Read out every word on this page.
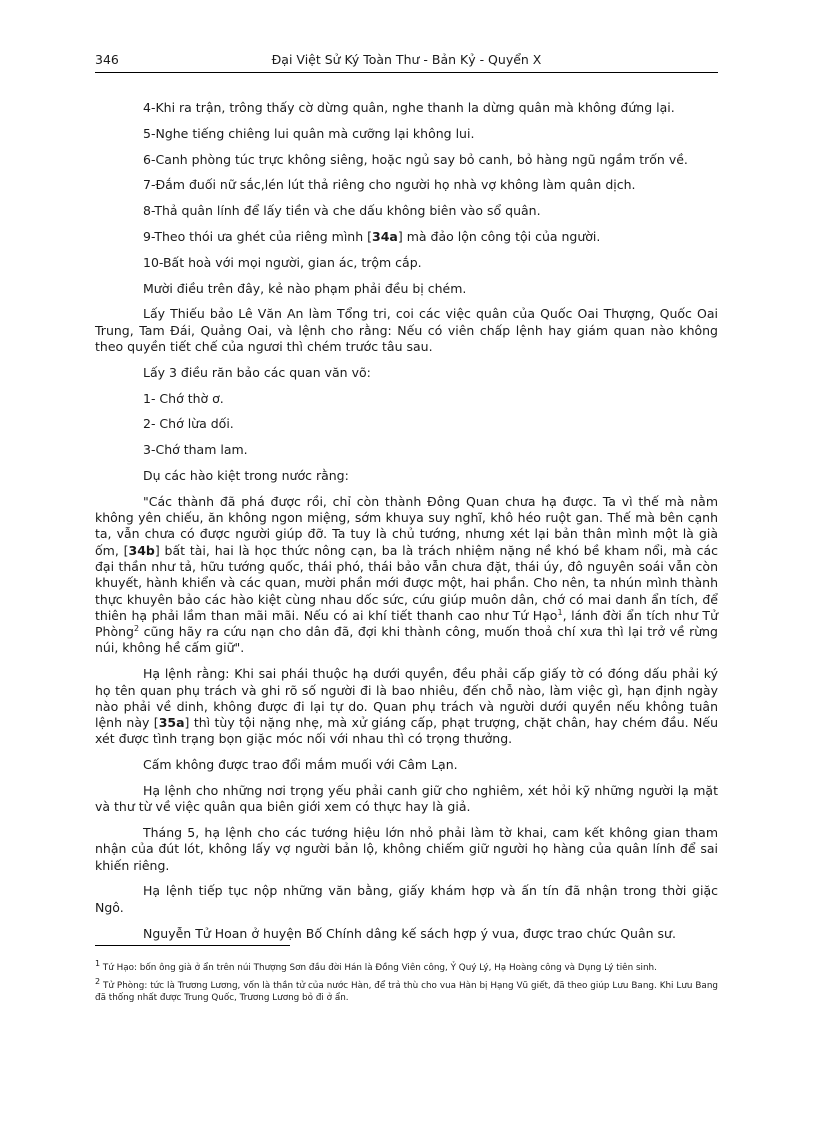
346	Đại Việt Sử Ký Toàn Thư - Bản Kỷ - Quyển X

4-Khi ra trận, trông thấy cờ dừng quân, nghe thanh la dừng quân mà không đứng lại.

5-Nghe tiếng chiêng lui quân mà cưỡng lại không lui.

6-Canh phòng túc trực không siêng, hoặc ngủ say bỏ canh, bỏ hàng ngũ ngầm trốn về.

7-Đắm đuối nữ sắc,lén lút thả riêng cho người họ nhà vợ không làm quân dịch.

8-Thả quân lính để lấy tiền và che dấu không biên vào sổ quân.

9-Theo thói ưa ghét của riêng mình [34a] mà đảo lộn công tội của người.

10-Bất hoà với mọi người, gian ác, trộm cắp.

Mười điều trên đây, kẻ nào phạm phải đều bị chém.

Lấy Thiếu bảo Lê Văn An làm Tổng tri, coi các việc quân của Quốc Oai Thượng, Quốc Oai Trung, Tam Đái, Quảng Oai, và lệnh cho rằng: Nếu có viên chấp lệnh hay giám quan nào không theo quyền tiết chế của ngươi thì chém trước tâu sau.

Lấy 3 điều răn bảo các quan văn võ:

1- Chớ thờ ơ.

2- Chớ lừa dối.

3-Chớ tham lam.

Dụ các hào kiệt trong nước rằng:

"Các thành đã phá được rồi, chỉ còn thành Đông Quan chưa hạ được. Ta vì thế mà nằm không yên chiếu, ăn không ngon miệng, sớm khuya suy nghĩ, khô héo ruột gan. Thế mà bên cạnh ta, vẫn chưa có được người giúp đỡ. Ta tuy là chủ tướng, nhưng xét lại bản thân mình một là già ốm, [34b] bất tài, hai là học thức nông cạn, ba là trách nhiệm nặng nề khó bề kham nổi, mà các đại thần như tả, hữu tướng quốc, thái phó, thái bảo vẫn chưa đặt, thái úy, đô nguyên soái vẫn còn khuyết, hành khiển và các quan, mười phần mới được một, hai phần. Cho nên, ta nhún mình thành thực khuyên bảo các hào kiệt cùng nhau dốc sức, cứu giúp muôn dân, chớ có mai danh ẩn tích, để thiên hạ phải lầm than mãi mãi. Nếu có ai khí tiết thanh cao như Tứ Hạo$^1$, lánh đời ẩn tích như Tử Phòng$^2$ cũng hãy ra cứu nạn cho dân đã, đợi khi thành công, muốn thoả chí xưa thì lại trở về rừng núi, không hề cấm giữ".

Hạ lệnh rằng: Khi sai phái thuộc hạ dưới quyền, đều phải cấp giấy tờ có đóng dấu phải ký họ tên quan phụ trách và ghi rõ số người đi là bao nhiêu, đến chỗ nào, làm việc gì, hạn định ngày nào phải về dinh, không được đi lại tự do. Quan phụ trách và người dưới quyền nếu không tuân lệnh này [35a] thì tùy tội nặng nhẹ, mà xử giáng cấp, phạt trượng, chặt chân, hay chém đầu. Nếu xét được tình trạng bọn giặc móc nối với nhau thì có trọng thưởng.

Cấm không được trao đổi mắm muối với Câm Lạn.

Hạ lệnh cho những nơi trọng yếu phải canh giữ cho nghiêm, xét hỏi kỹ những người lạ mặt và thư từ về việc quân qua biên giới xem có thực hay là giả.

Tháng 5, hạ lệnh cho các tướng hiệu lớn nhỏ phải làm tờ khai, cam kết không gian tham nhận của đút lót, không lấy vợ người bản lộ, không chiếm giữ người họ hàng của quân lính để sai khiến riêng.

Hạ lệnh tiếp tục nộp những văn bằng, giấy khám hợp và ấn tín đã nhận trong thời giặc Ngô.

Nguyễn Tử Hoan ở huyện Bố Chính dâng kế sách hợp ý vua, được trao chức Quân sư.

$^1$ Tứ Hạo: bốn ông già ở ẩn trên núi Thượng Sơn đầu đời Hán là Đồng Viên công, Ỷ Quý Lý, Hạ Hoàng công và Dụng Lý tiên sinh.

$^2$ Tử Phòng: tức là Trương Lương, vốn là thần tử của nước Hàn, để trả thù cho vua Hàn bị Hạng Vũ giết, đã theo giúp Lưu Bang. Khi Lưu Bang đã thống nhất được Trung Quốc, Trương Lương bỏ đi ở ẩn.
